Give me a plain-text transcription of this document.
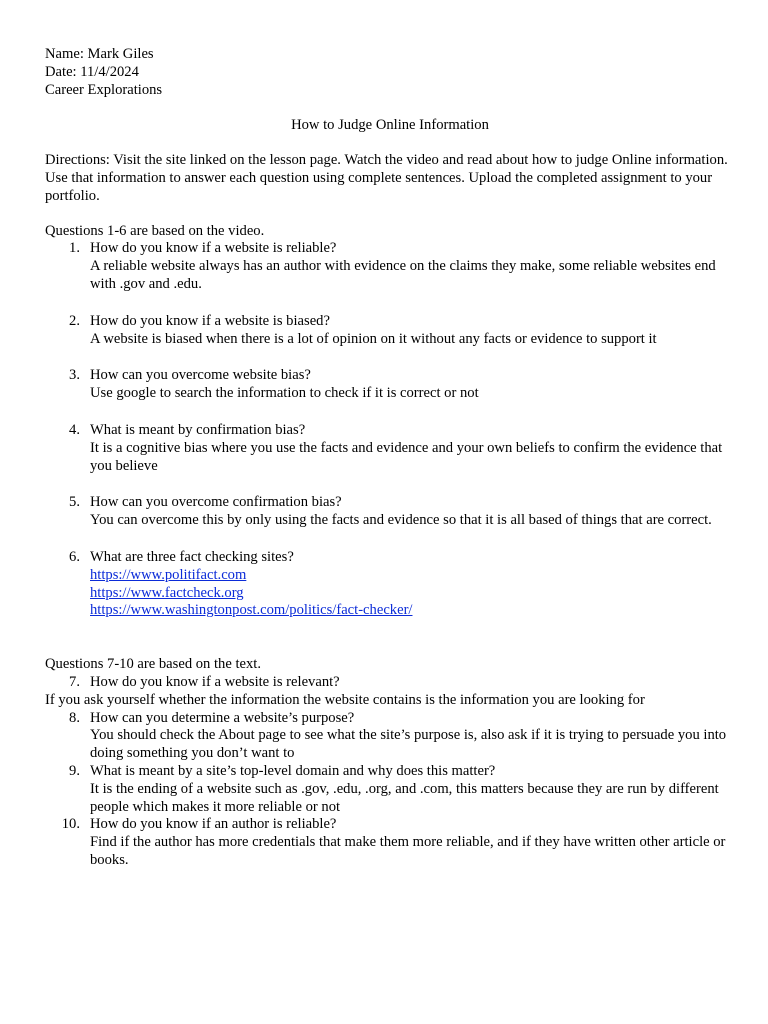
Name: Mark Giles
Date: 11/4/2024
Career Explorations
How to Judge Online Information
Directions: Visit the site linked on the lesson page. Watch the video and read about how to judge Online information. Use that information to answer each question using complete sentences. Upload the completed assignment to your portfolio.
Questions 1-6 are based on the video.
1. How do you know if a website is reliable?
A reliable website always has an author with evidence on the claims they make, some reliable websites end with .gov and .edu.
2. How do you know if a website is biased?
A website is biased when there is a lot of opinion on it without any facts or evidence to support it
3. How can you overcome website bias?
Use google to search the information to check if it is correct or not
4. What is meant by confirmation bias?
It is a cognitive bias where you use the facts and evidence and your own beliefs to confirm the evidence that you believe
5. How can you overcome confirmation bias?
You can overcome this by only using the facts and evidence so that it is all based of things that are correct.
6. What are three fact checking sites?
https://www.politifact.com
https://www.factcheck.org
https://www.washingtonpost.com/politics/fact-checker/
Questions 7-10 are based on the text.
7. How do you know if a website is relevant?
If you ask yourself whether the information the website contains is the information you are looking for
8. How can you determine a website’s purpose?
You should check the About page to see what the site’s purpose is, also ask if it is trying to persuade you into doing something you don’t want to
9. What is meant by a site’s top-level domain and why does this matter?
It is the ending of a website such as .gov, .edu, .org, and .com, this matters because they are run by different people which makes it more reliable or not
10. How do you know if an author is reliable?
Find if the author has more credentials that make them more reliable, and if they have written other article or books.
